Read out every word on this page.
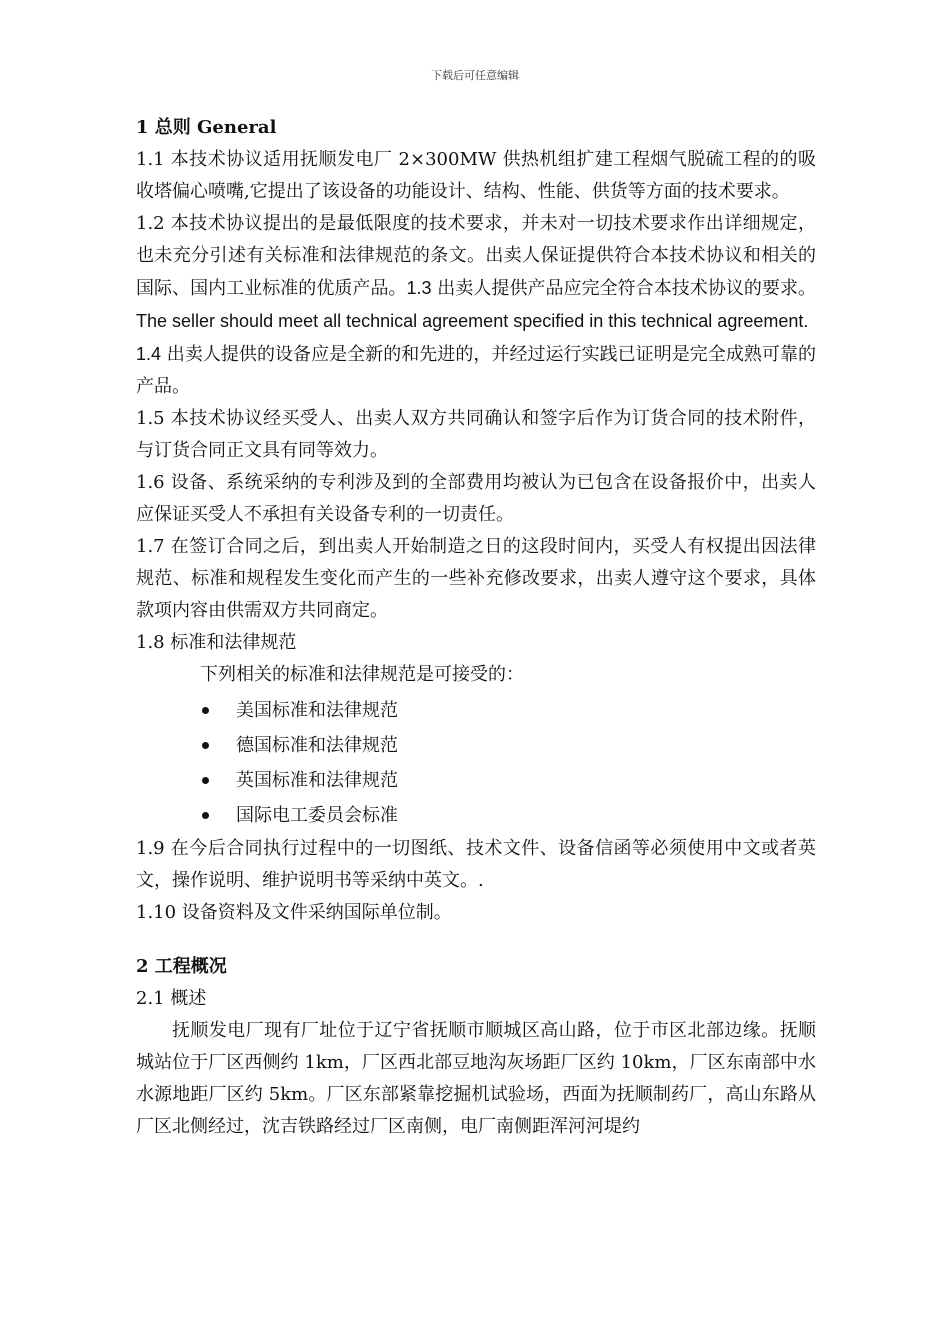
下载后可任意编辑

1 总则 General

1.1 本技术协议适用抚顺发电厂 2×300MW 供热机组扩建工程烟气脱硫工程的的吸收塔偏心喷嘴,它提出了该设备的功能设计、结构、性能、供货等方面的技术要求。

1.2 本技术协议提出的是最低限度的技术要求，并未对一切技术要求作出详细规定，也未充分引述有关标准和法律规范的条文。出卖人保证提供符合本技术协议和相关的国际、国内工业标准的优质产品。1.3 出卖人提供产品应完全符合本技术协议的要求。The seller should meet all technical agreement specified in this technical agreement.

1.4 出卖人提供的设备应是全新的和先进的，并经过运行实践已证明是完全成熟可靠的产品。

1.5 本技术协议经买受人、出卖人双方共同确认和签字后作为订货合同的技术附件，与订货合同正文具有同等效力。

1.6 设备、系统采纳的专利涉及到的全部费用均被认为已包含在设备报价中，出卖人应保证买受人不承担有关设备专利的一切责任。

1.7 在签订合同之后，到出卖人开始制造之日的这段时间内，买受人有权提出因法律规范、标准和规程发生变化而产生的一些补充修改要求，出卖人遵守这个要求，具体款项内容由供需双方共同商定。

1.8 标准和法律规范

下列相关的标准和法律规范是可接受的：

美国标准和法律规范
德国标准和法律规范
英国标准和法律规范
国际电工委员会标准

1.9 在今后合同执行过程中的一切图纸、技术文件、设备信函等必须使用中文或者英文，操作说明、维护说明书等采纳中英文。.

1.10 设备资料及文件采纳国际单位制。

2 工程概况

2.1 概述

抚顺发电厂现有厂址位于辽宁省抚顺市顺城区高山路，位于市区北部边缘。抚顺城站位于厂区西侧约 1km，厂区西北部豆地沟灰场距厂区约 10km，厂区东南部中水水源地距厂区约 5km。厂区东部紧靠挖掘机试验场，西面为抚顺制药厂，高山东路从厂区北侧经过，沈吉铁路经过厂区南侧，电厂南侧距浑河河堤约
